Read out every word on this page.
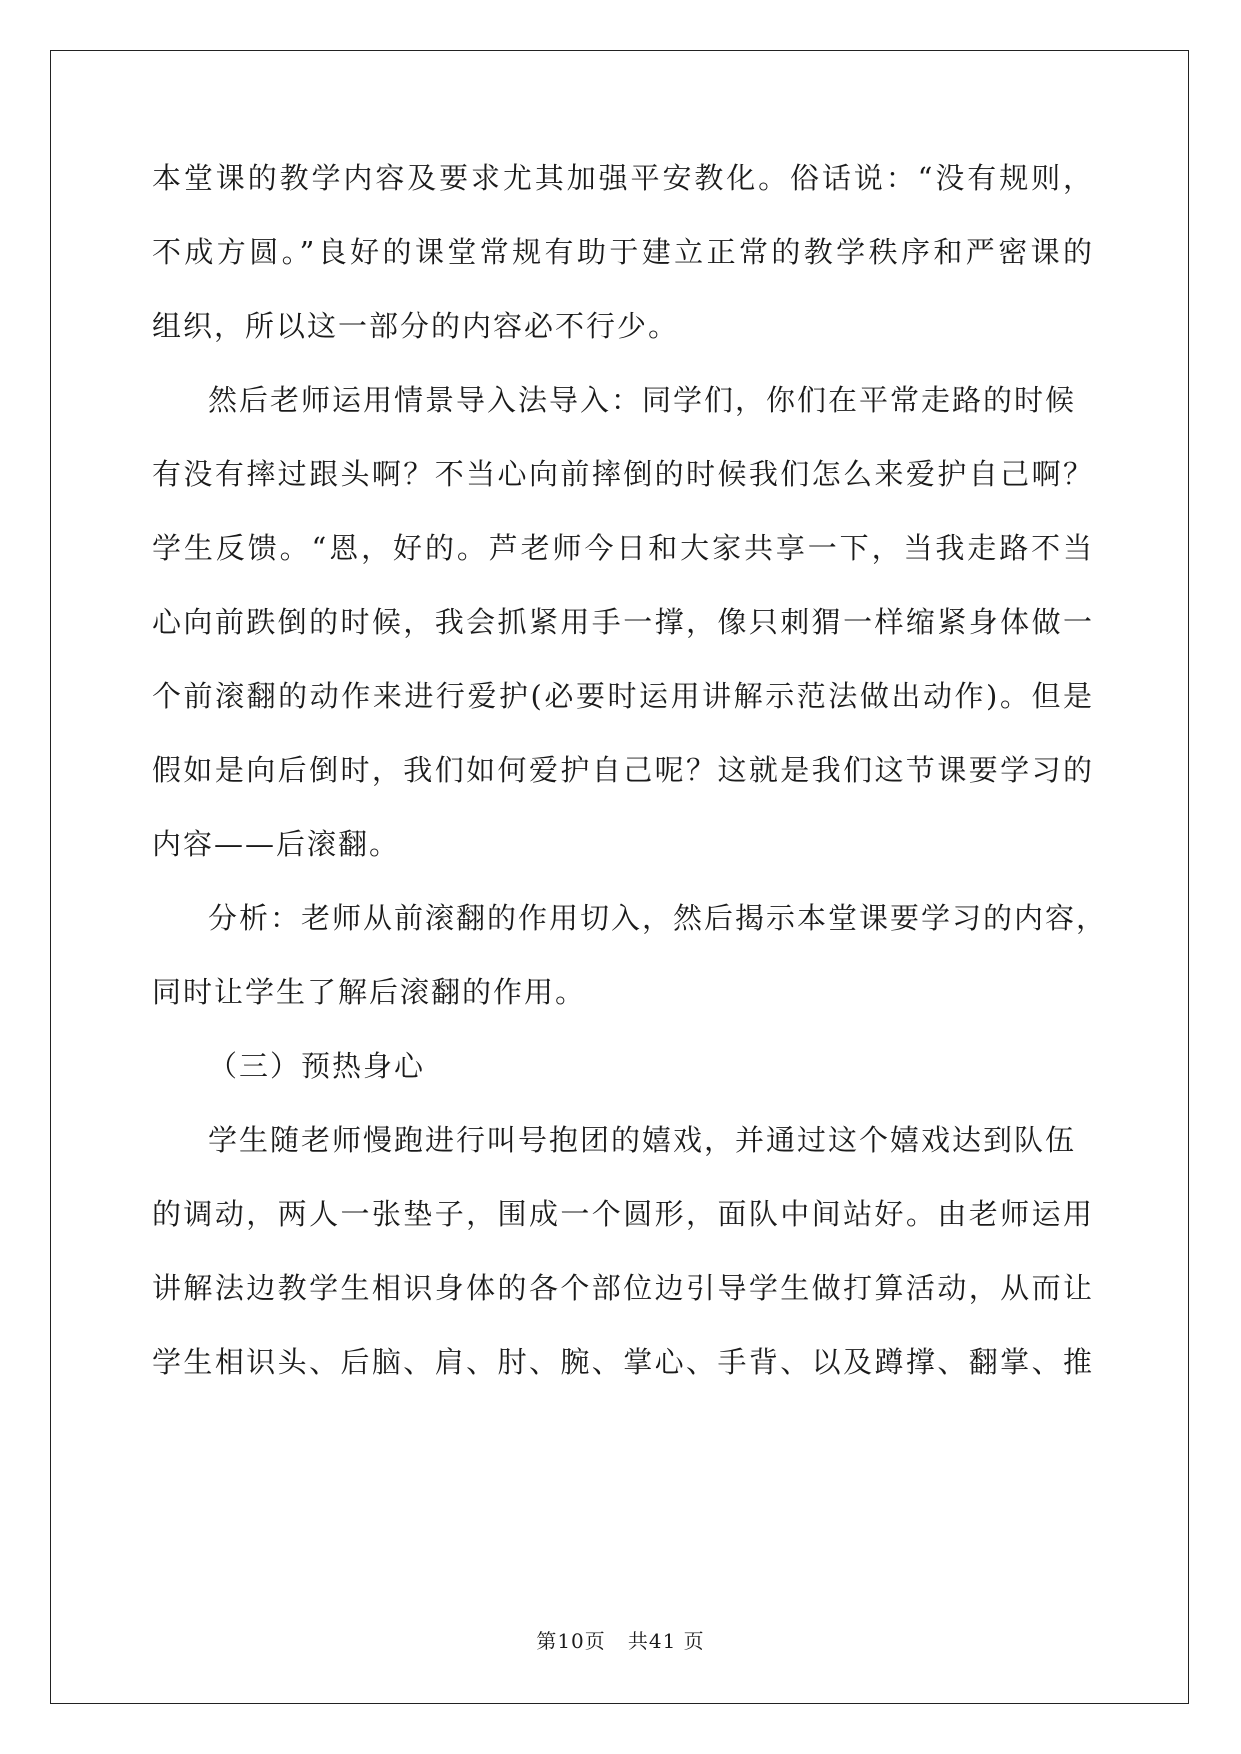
本堂课的教学内容及要求尤其加强平安教化。俗话说：“没有规则，
不成方圆。”良好的课堂常规有助于建立正常的教学秩序和严密课的
组织，所以这一部分的内容必不行少。
然后老师运用情景导入法导入：同学们，你们在平常走路的时候
有没有摔过跟头啊？不当心向前摔倒的时候我们怎么来爱护自己啊？
学生反馈。“恩，好的。芦老师今日和大家共享一下，当我走路不当
心向前跌倒的时候，我会抓紧用手一撑，像只刺猬一样缩紧身体做一
个前滚翻的动作来进行爱护(必要时运用讲解示范法做出动作)。但是
假如是向后倒时，我们如何爱护自己呢？这就是我们这节课要学习的
内容——后滚翻。
分析：老师从前滚翻的作用切入，然后揭示本堂课要学习的内容，
同时让学生了解后滚翻的作用。
（三）预热身心
学生随老师慢跑进行叫号抱团的嬉戏，并通过这个嬉戏达到队伍
的调动，两人一张垫子，围成一个圆形，面队中间站好。由老师运用
讲解法边教学生相识身体的各个部位边引导学生做打算活动，从而让
学生相识头、后脑、肩、肘、腕、掌心、手背、以及蹲撑、翻掌、推
第10页 共41 页
